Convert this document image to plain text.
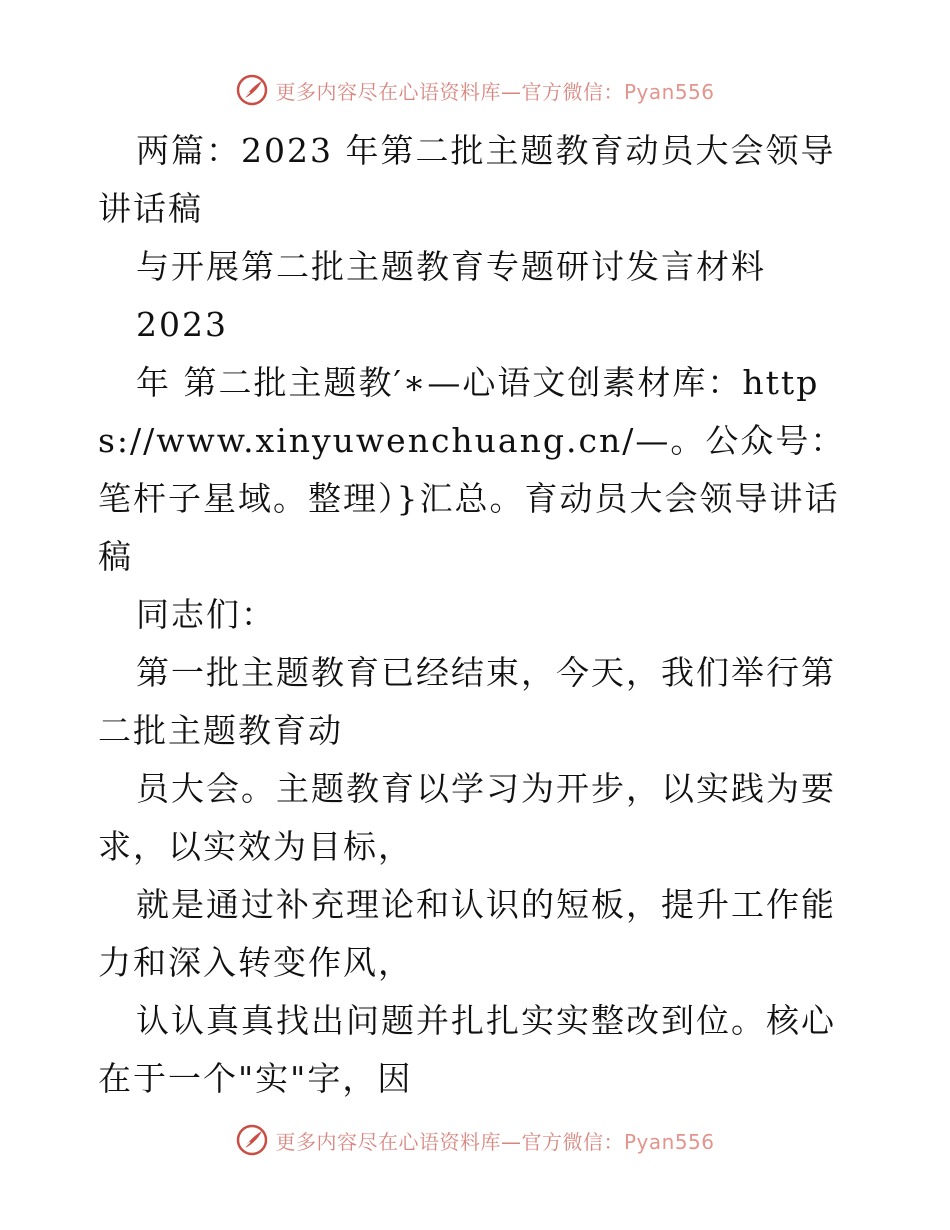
更多内容尽在心语资料库—官方微信：Pyan556

两篇：2023 年第二批主题教育动员大会领导讲话稿

与开展第二批主题教育专题研讨发言材料

2023

年 第二批主题教′∗—心语文创素材库：https://www.xinyuwenchuang.cn/—。公众号：笔杆子星域。整理）}汇总。育动员大会领导讲话稿

同志们：

第一批主题教育已经结束，今天，我们举行第二批主题教育动

员大会。主题教育以学习为开步，以实践为要求，以实效为目标，

就是通过补充理论和认识的短板，提升工作能力和深入转变作风，

认认真真找出问题并扎扎实实整改到位。核心在于一个"实"字，因

更多内容尽在心语资料库—官方微信：Pyan556
